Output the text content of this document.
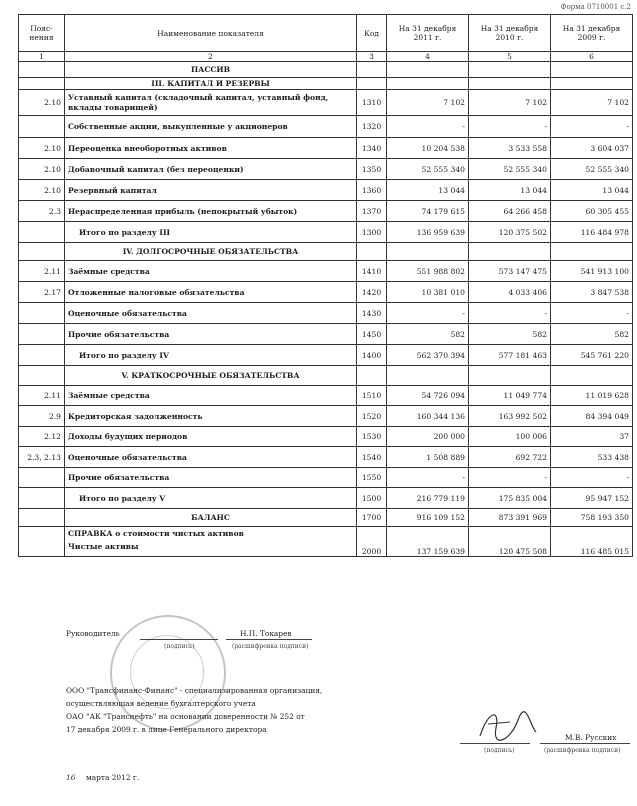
Форма 0710001 с.2
Пояс-нения	Наименование показателя	Код	На 31 декабря 2011 г.	На 31 декабря 2010 г.	На 31 декабря 2009 г.
1	2	3	4	5	6
	ПАССИВ				
	III. КАПИТАЛ И РЕЗЕРВЫ				
2.10	Уставный капитал (складочный капитал, уставный фонд, вклады товарищей)	1310	7 102	7 102	7 102
	Собственные акции, выкупленные у акционеров	1320	-	-	-
2.10	Переоценка внеоборотных активов	1340	10 204 538	3 533 558	3 604 037
2.10	Добавочный капитал (без переоценки)	1350	52 555 340	52 555 340	52 555 340
2.10	Резервный капитал	1360	13 044	13 044	13 044
2.3	Нераспределенная прибыль (непокрытый убыток)	1370	74 179 615	64 266 458	60 305 455
	Итого по разделу III	1300	136 959 639	120 375 502	116 484 978
	IV. ДОЛГОСРОЧНЫЕ ОБЯЗАТЕЛЬСТВА				
2.11	Заёмные средства	1410	551 988 802	573 147 475	541 913 100
2.17	Отложенные налоговые обязательства	1420	10 381 010	4 033 406	3 847 538
	Оценочные обязательства	1430	-	-	-
	Прочие обязательства	1450	582	582	582
	Итого по разделу IV	1400	562 370 394	577 181 463	545 761 220
	V. КРАТКОСРОЧНЫЕ ОБЯЗАТЕЛЬСТВА				
2.11	Заёмные средства	1510	54 726 094	11 049 774	11 019 628
2.9	Кредиторская задолженность	1520	160 344 136	163 992 502	84 394 049
2.12	Доходы будущих периодов	1530	200 000	100 006	37
2.3, 2.13	Оценочные обязательства	1540	1 508 889	692 722	533 438
	Прочие обязательства	1550	-	-	-
	Итого по разделу V	1500	216 779 119	175 835 004	95 947 152
	БАЛАНС	1700	916 109 152	873 391 969	758 193 350

	СПРАВКА о стоимости чистых активов
Чистые активы	2000	137 159 639	120 475 508	116 485 015
Руководитель
(подпись)
Н.П. Токарев
(расшифровка подписи)
ООО "Трансфинанс-Финанс" - специализированная организация,
осуществляющая ведение бухгалтерского учета
ОАО "АК "Транснефть" на основании доверенности № 252 от
17 декабря 2009 г. в лице Генерального директора
(подпись)
М.В. Русских
(расшифровка подписи)
16 марта 2012 г.
